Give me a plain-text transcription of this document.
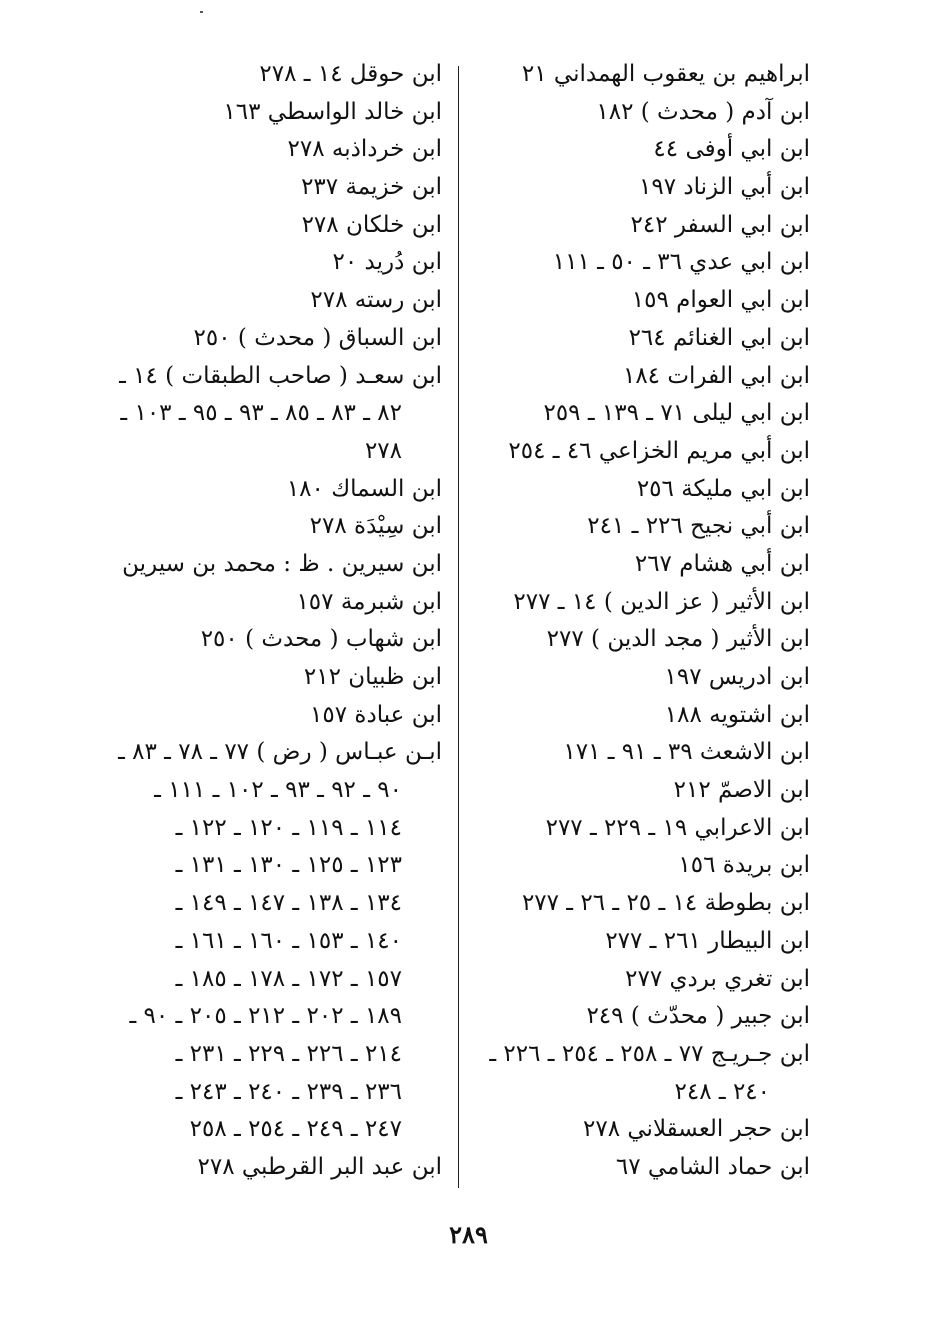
ابراهيم بن يعقوب الهمداني ٢١
ابن آدم ( محدث ) ١٨٢
ابن ابي أوفى ٤٤
ابن أبي الزناد ١٩٧
ابن ابي السفر ٢٤٢
ابن ابي عدي ٣٦ ـ ٥٠ ـ ١١١
ابن ابي العوام ١٥٩
ابن ابي الغنائم ٢٦٤
ابن ابي الفرات ١٨٤
ابن ابي ليلى ٧١ ـ ١٣٩ ـ ٢٥٩
ابن أبي مريم الخزاعي ٤٦ ـ ٢٥٤
ابن ابي مليكة ٢٥٦
ابن أبي نجيح ٢٢٦ ـ ٢٤١
ابن أبي هشام ٢٦٧
ابن الأثير ( عز الدين ) ١٤ ـ ٢٧٧
ابن الأثير ( مجد الدين ) ٢٧٧
ابن ادريس ١٩٧
ابن اشتويه ١٨٨
ابن الاشعث ٣٩ ـ ٩١ ـ ١٧١
ابن الاصمّ ٢١٢
ابن الاعرابي ١٩ ـ ٢٢٩ ـ ٢٧٧
ابن بريدة ١٥٦
ابن بطوطة ١٤ ـ ٢٥ ـ ٢٦ ـ ٢٧٧
ابن البيطار ٢٦١ ـ ٢٧٧
ابن تغري بردي ٢٧٧
ابن جبير ( محدّث ) ٢٤٩
ابن جـريـج ٧٧ ـ ٢٥٨ ـ ٢٥٤ ـ ٢٢٦ ـ
٢٤٠ ـ ٢٤٨
ابن حجر العسقلاني ٢٧٨
ابن حماد الشامي ٦٧
ابن حوقل ١٤ ـ ٢٧٨
ابن خالد الواسطي ١٦٣
ابن خرداذبه ٢٧٨
ابن خزيمة ٢٣٧
ابن خلكان ٢٧٨
ابن دُريد ٢٠
ابن رسته ٢٧٨
ابن السباق ( محدث ) ٢٥٠
ابن سعـد ( صاحب الطبقات ) ١٤ ـ
٨٢ ـ ٨٣ ـ ٨٥ ـ ٩٣ ـ ٩٥ ـ ١٠٣ ـ
٢٧٨
ابن السماك ١٨٠
ابن سِيْدَة ٢٧٨
ابن سيرين . ظ : محمد بن سيرين
ابن شبرمة ١٥٧
ابن شهاب ( محدث ) ٢٥٠
ابن ظبيان ٢١٢
ابن عبادة ١٥٧
ابـن عبـاس ( رض ) ٧٧ ـ ٧٨ ـ ٨٣ ـ
٩٠ ـ ٩٢ ـ ٩٣ ـ ١٠٢ ـ ١١١ ـ
١١٤ ـ ١١٩ ـ ١٢٠ ـ ١٢٢ ـ
١٢٣ ـ ١٢٥ ـ ١٣٠ ـ ١٣١ ـ
١٣٤ ـ ١٣٨ ـ ١٤٧ ـ ١٤٩ ـ
١٤٠ ـ ١٥٣ ـ ١٦٠ ـ ١٦١ ـ
١٥٧ ـ ١٧٢ ـ ١٧٨ ـ ١٨٥ ـ
١٨٩ ـ ٢٠٢ ـ ٢١٢ ـ ٢٠٥ ـ ٩٠ ـ
٢١٤ ـ ٢٢٦ ـ ٢٢٩ ـ ٢٣١ ـ
٢٣٦ ـ ٢٣٩ ـ ٢٤٠ ـ ٢٤٣ ـ
٢٤٧ ـ ٢٤٩ ـ ٢٥٤ ـ ٢٥٨
ابن عبد البر القرطبي ٢٧٨
٢٨٩
